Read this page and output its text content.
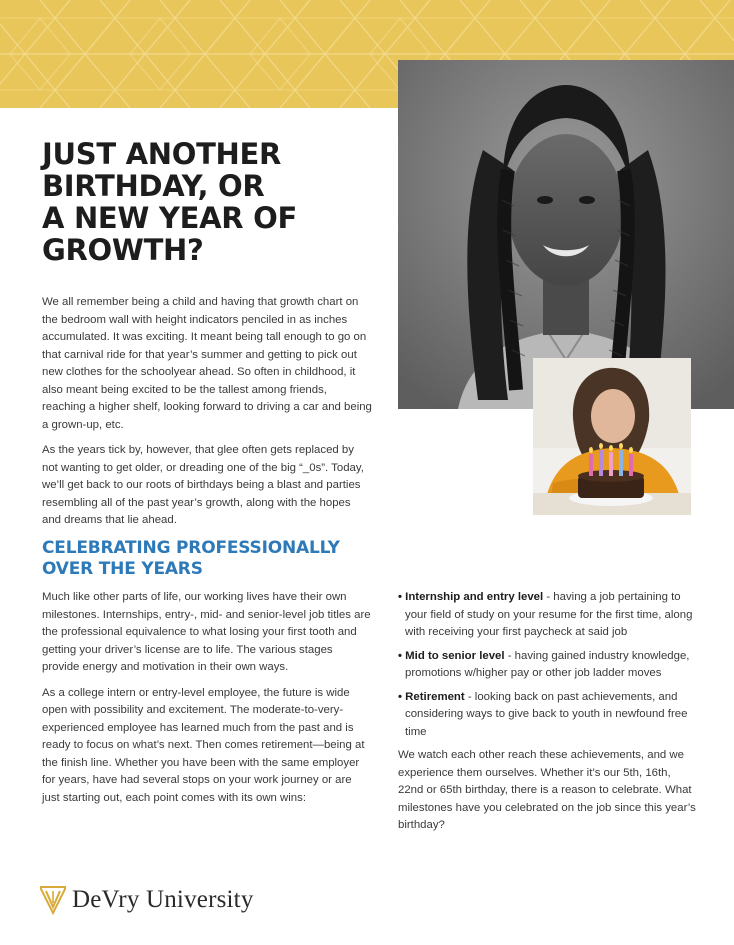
JUST ANOTHER
BIRTHDAY, OR
A NEW YEAR OF
GROWTH?

We all remember being a child and having that growth chart on the bedroom wall with height indicators penciled in as inches accumulated. It was exciting. It meant being tall enough to go on that carnival ride for that year’s summer and getting to pick out new clothes for the schoolyear ahead. So often in childhood, it also meant being excited to be the tallest among friends, reaching a higher shelf, looking forward to driving a car and being a grown-up, etc.

As the years tick by, however, that glee often gets replaced by not wanting to get older, or dreading one of the big “_0s”. Today, we’ll get back to our roots of birthdays being a blast and parties resembling all of the past year’s growth, along with the hopes and dreams that lie ahead.

CELEBRATING PROFESSIONALLY
OVER THE YEARS

Much like other parts of life, our working lives have their own milestones. Internships, entry-, mid- and senior-level job titles are the professional equivalence to what losing your first tooth and getting your driver’s license are to life. The various stages provide energy and motivation in their own ways.

As a college intern or entry-level employee, the future is wide open with possibility and excitement. The moderate-to-very-experienced employee has learned much from the past and is ready to focus on what’s next. Then comes retirement—being at the finish line. Whether you have been with the same employer for years, have had several stops on your work journey or are just starting out, each point comes with its own wins:

• Internship and entry level - having a job pertaining to your field of study on your resume for the first time, along with receiving your first paycheck at said job
• Mid to senior level - having gained industry knowledge, promotions w/higher pay or other job ladder moves
• Retirement - looking back on past achievements, and considering ways to give back to youth in newfound free time

We watch each other reach these achievements, and we experience them ourselves. Whether it’s our 5th, 16th, 22nd or 65th birthday, there is a reason to celebrate. What milestones have you celebrated on the job since this year’s birthday?

DeVry University
